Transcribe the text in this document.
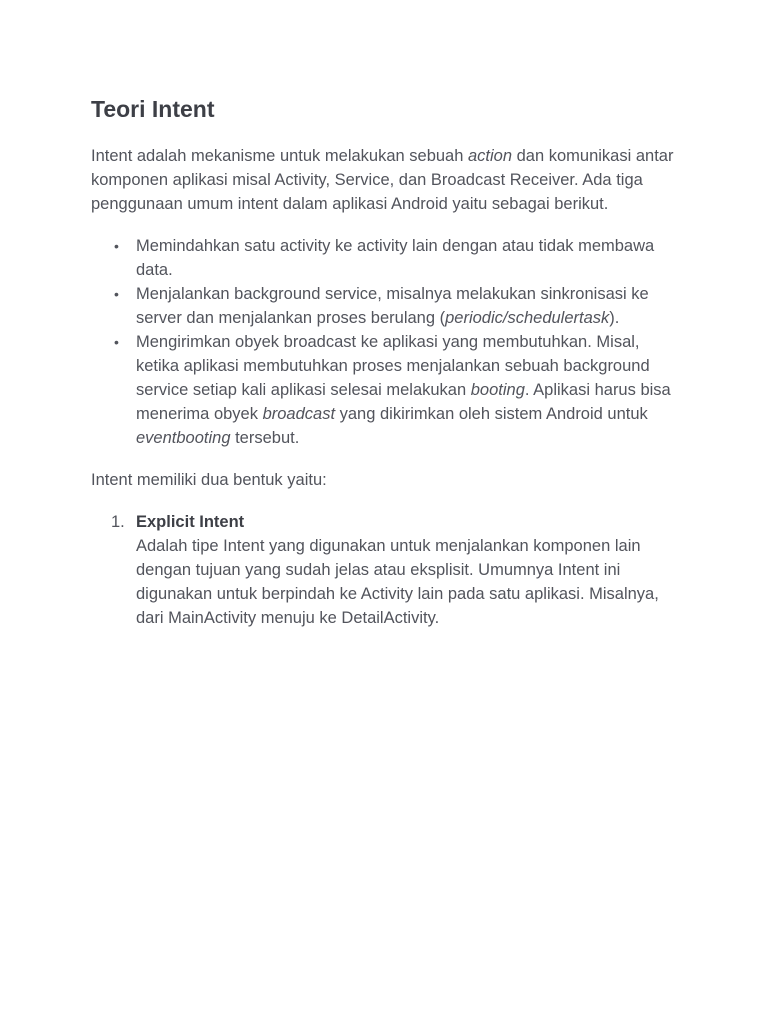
Teori Intent

Intent adalah mekanisme untuk melakukan sebuah action dan komunikasi antar komponen aplikasi misal Activity, Service, dan Broadcast Receiver. Ada tiga penggunaan umum intent dalam aplikasi Android yaitu sebagai berikut.

• Memindahkan satu activity ke activity lain dengan atau tidak membawa data.
• Menjalankan background service, misalnya melakukan sinkronisasi ke server dan menjalankan proses berulang (periodic/schedulertask).
• Mengirimkan obyek broadcast ke aplikasi yang membutuhkan. Misal, ketika aplikasi membutuhkan proses menjalankan sebuah background service setiap kali aplikasi selesai melakukan booting. Aplikasi harus bisa menerima obyek broadcast yang dikirimkan oleh sistem Android untuk eventbooting tersebut.

Intent memiliki dua bentuk yaitu:

1. Explicit Intent
Adalah tipe Intent yang digunakan untuk menjalankan komponen lain dengan tujuan yang sudah jelas atau eksplisit. Umumnya Intent ini digunakan untuk berpindah ke Activity lain pada satu aplikasi. Misalnya, dari MainActivity menuju ke DetailActivity.
